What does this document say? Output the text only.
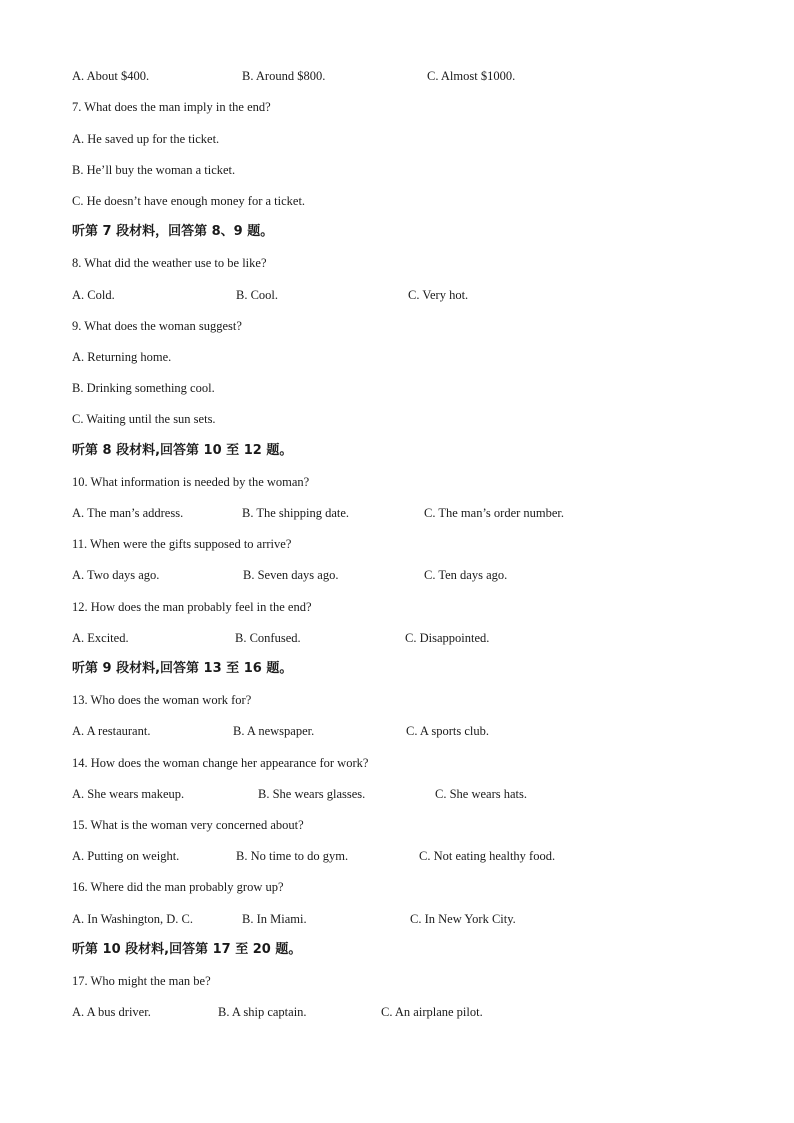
A. About $400.	B. Around $800.	C. Almost $1000.
7. What does the man imply in the end?
A. He saved up for the ticket.
B. He’ll buy the woman a ticket.
C. He doesn’t have enough money for a ticket.
听第 7 段材料，回答第 8、9 题。
8. What did the weather use to be like?
A. Cold.	B. Cool.	C. Very hot.
9. What does the woman suggest?
A. Returning home.
B. Drinking something cool.
C. Waiting until the sun sets.
听第 8 段材料,回答第 10 至 12 题。
10. What information is needed by the woman?
A. The man’s address.	B. The shipping date.	C. The man’s order number.
11. When were the gifts supposed to arrive?
A. Two days ago.	B. Seven days ago.	C. Ten days ago.
12. How does the man probably feel in the end?
A. Excited.	B. Confused.	C. Disappointed.
听第 9 段材料,回答第 13 至 16 题。
13. Who does the woman work for?
A. A restaurant.	B. A newspaper.	C. A sports club.
14. How does the woman change her appearance for work?
A. She wears makeup.	B. She wears glasses.	C. She wears hats.
15. What is the woman very concerned about?
A. Putting on weight.	B. No time to do gym.	C. Not eating healthy food.
16. Where did the man probably grow up?
A. In Washington, D. C.	B. In Miami.	C. In New York City.
听第 10 段材料,回答第 17 至 20 题。
17. Who might the man be?
A. A bus driver.	B. A ship captain.	C. An airplane pilot.
